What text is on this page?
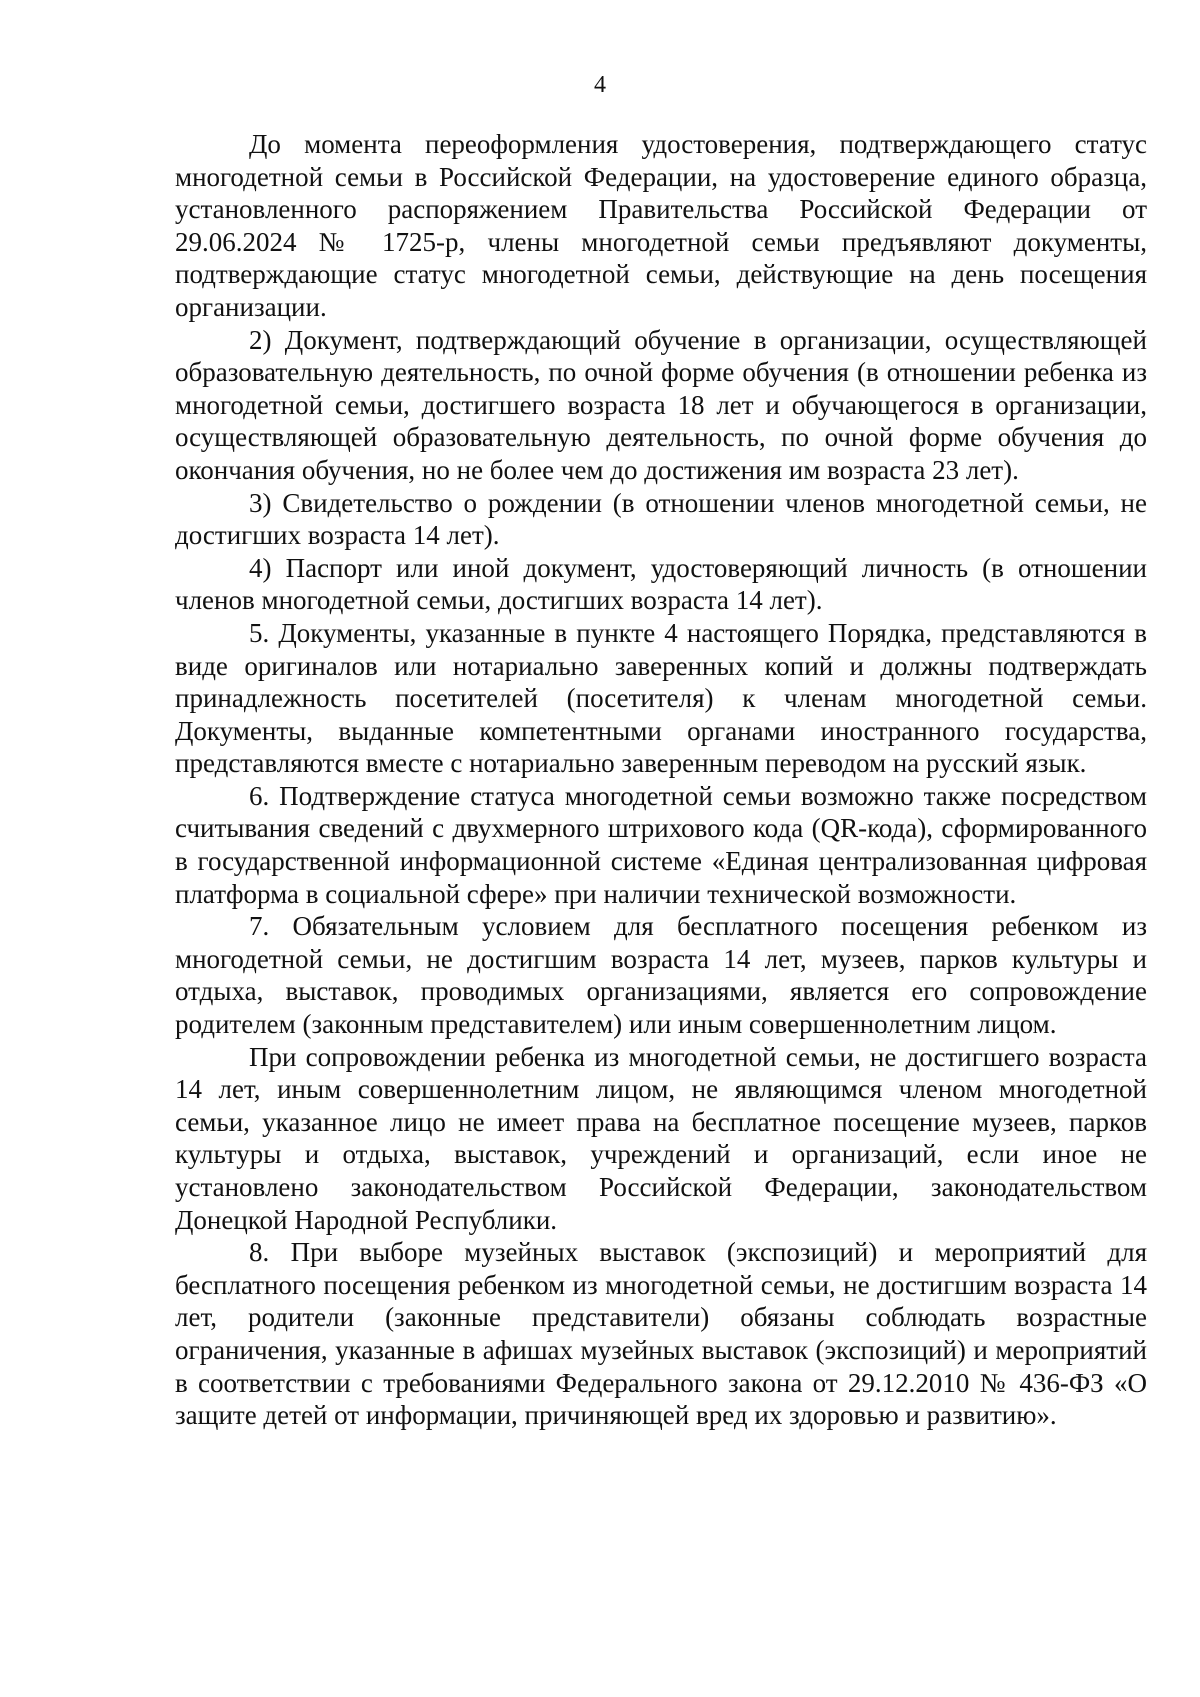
4

До момента переоформления удостоверения, подтверждающего статус многодетной семьи в Российской Федерации, на удостоверение единого образца, установленного распоряжением Правительства Российской Федерации от 29.06.2024 № 1725-р, члены многодетной семьи предъявляют документы, подтверждающие статус многодетной семьи, действующие на день посещения организации.

2) Документ, подтверждающий обучение в организации, осуществляющей образовательную деятельность, по очной форме обучения (в отношении ребенка из многодетной семьи, достигшего возраста 18 лет и обучающегося в организации, осуществляющей образовательную деятельность, по очной форме обучения до окончания обучения, но не более чем до достижения им возраста 23 лет).

3) Свидетельство о рождении (в отношении членов многодетной семьи, не достигших возраста 14 лет).

4) Паспорт или иной документ, удостоверяющий личность (в отношении членов многодетной семьи, достигших возраста 14 лет).

5. Документы, указанные в пункте 4 настоящего Порядка, представляются в виде оригиналов или нотариально заверенных копий и должны подтверждать принадлежность посетителей (посетителя) к членам многодетной семьи. Документы, выданные компетентными органами иностранного государства, представляются вместе с нотариально заверенным переводом на русский язык.

6. Подтверждение статуса многодетной семьи возможно также посредством считывания сведений с двухмерного штрихового кода (QR-кода), сформированного в государственной информационной системе «Единая централизованная цифровая платформа в социальной сфере» при наличии технической возможности.

7. Обязательным условием для бесплатного посещения ребенком из многодетной семьи, не достигшим возраста 14 лет, музеев, парков культуры и отдыха, выставок, проводимых организациями, является его сопровождение родителем (законным представителем) или иным совершеннолетним лицом.

При сопровождении ребенка из многодетной семьи, не достигшего возраста 14 лет, иным совершеннолетним лицом, не являющимся членом многодетной семьи, указанное лицо не имеет права на бесплатное посещение музеев, парков культуры и отдыха, выставок, учреждений и организаций, если иное не установлено законодательством Российской Федерации, законодательством Донецкой Народной Республики.

8. При выборе музейных выставок (экспозиций) и мероприятий для бесплатного посещения ребенком из многодетной семьи, не достигшим возраста 14 лет, родители (законные представители) обязаны соблюдать возрастные ограничения, указанные в афишах музейных выставок (экспозиций) и мероприятий в соответствии с требованиями Федерального закона от 29.12.2010 № 436-ФЗ «О защите детей от информации, причиняющей вред их здоровью и развитию».
